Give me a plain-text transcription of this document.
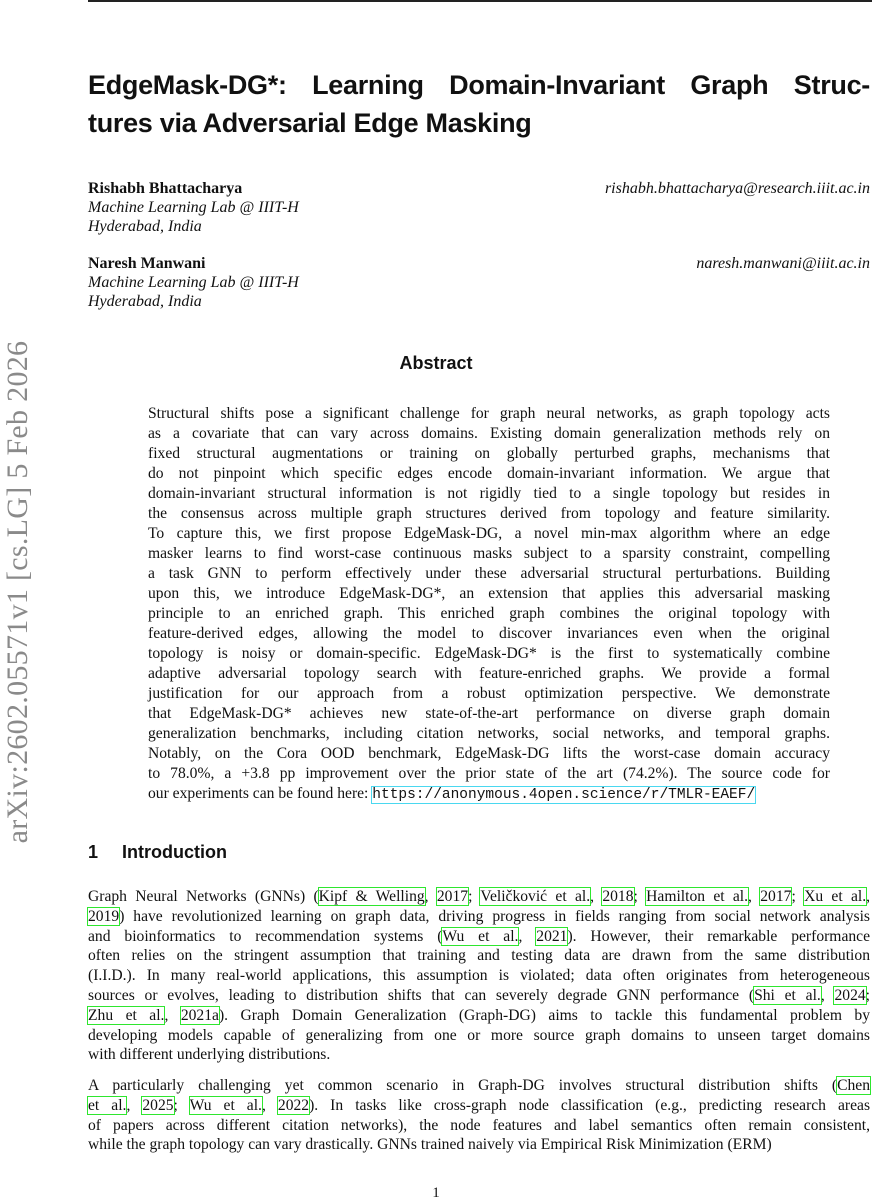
arXiv:2602.05571v1 [cs.LG] 5 Feb 2026
EdgeMask-DG*: Learning Domain-Invariant Graph Struc-
tures via Adversarial Edge Masking
Rishabh Bhattacharya
Machine Learning Lab @ IIIT-H
Hyderabad, India
rishabh.bhattacharya@research.iiit.ac.in
Naresh Manwani
Machine Learning Lab @ IIIT-H
Hyderabad, India
naresh.manwani@iiit.ac.in
Abstract
Structural shifts pose a significant challenge for graph neural networks, as graph topology acts
as a covariate that can vary across domains. Existing domain generalization methods rely on
fixed structural augmentations or training on globally perturbed graphs, mechanisms that
do not pinpoint which specific edges encode domain-invariant information. We argue that
domain-invariant structural information is not rigidly tied to a single topology but resides in
the consensus across multiple graph structures derived from topology and feature similarity.
To capture this, we first propose EdgeMask-DG, a novel min-max algorithm where an edge
masker learns to find worst-case continuous masks subject to a sparsity constraint, compelling
a task GNN to perform effectively under these adversarial structural perturbations. Building
upon this, we introduce EdgeMask-DG*, an extension that applies this adversarial masking
principle to an enriched graph. This enriched graph combines the original topology with
feature-derived edges, allowing the model to discover invariances even when the original
topology is noisy or domain-specific. EdgeMask-DG* is the first to systematically combine
adaptive adversarial topology search with feature-enriched graphs. We provide a formal
justification for our approach from a robust optimization perspective. We demonstrate
that EdgeMask-DG* achieves new state-of-the-art performance on diverse graph domain
generalization benchmarks, including citation networks, social networks, and temporal graphs.
Notably, on the Cora OOD benchmark, EdgeMask-DG lifts the worst-case domain accuracy
to 78.0%, a +3.8 pp improvement over the prior state of the art (74.2%). The source code for
our experiments can be found here: https://anonymous.4open.science/r/TMLR-EAEF/
1 Introduction
Graph Neural Networks (GNNs) (Kipf & Welling, 2017; Veličković et al., 2018; Hamilton et al., 2017; Xu et al.,
2019) have revolutionized learning on graph data, driving progress in fields ranging from social network analysis
and bioinformatics to recommendation systems (Wu et al., 2021). However, their remarkable performance
often relies on the stringent assumption that training and testing data are drawn from the same distribution
(I.I.D.). In many real-world applications, this assumption is violated; data often originates from heterogeneous
sources or evolves, leading to distribution shifts that can severely degrade GNN performance (Shi et al., 2024;
Zhu et al., 2021a). Graph Domain Generalization (Graph-DG) aims to tackle this fundamental problem by
developing models capable of generalizing from one or more source graph domains to unseen target domains
with different underlying distributions.
A particularly challenging yet common scenario in Graph-DG involves structural distribution shifts (Chen
et al., 2025; Wu et al., 2022). In tasks like cross-graph node classification (e.g., predicting research areas
of papers across different citation networks), the node features and label semantics often remain consistent,
while the graph topology can vary drastically. GNNs trained naively via Empirical Risk Minimization (ERM)
1
